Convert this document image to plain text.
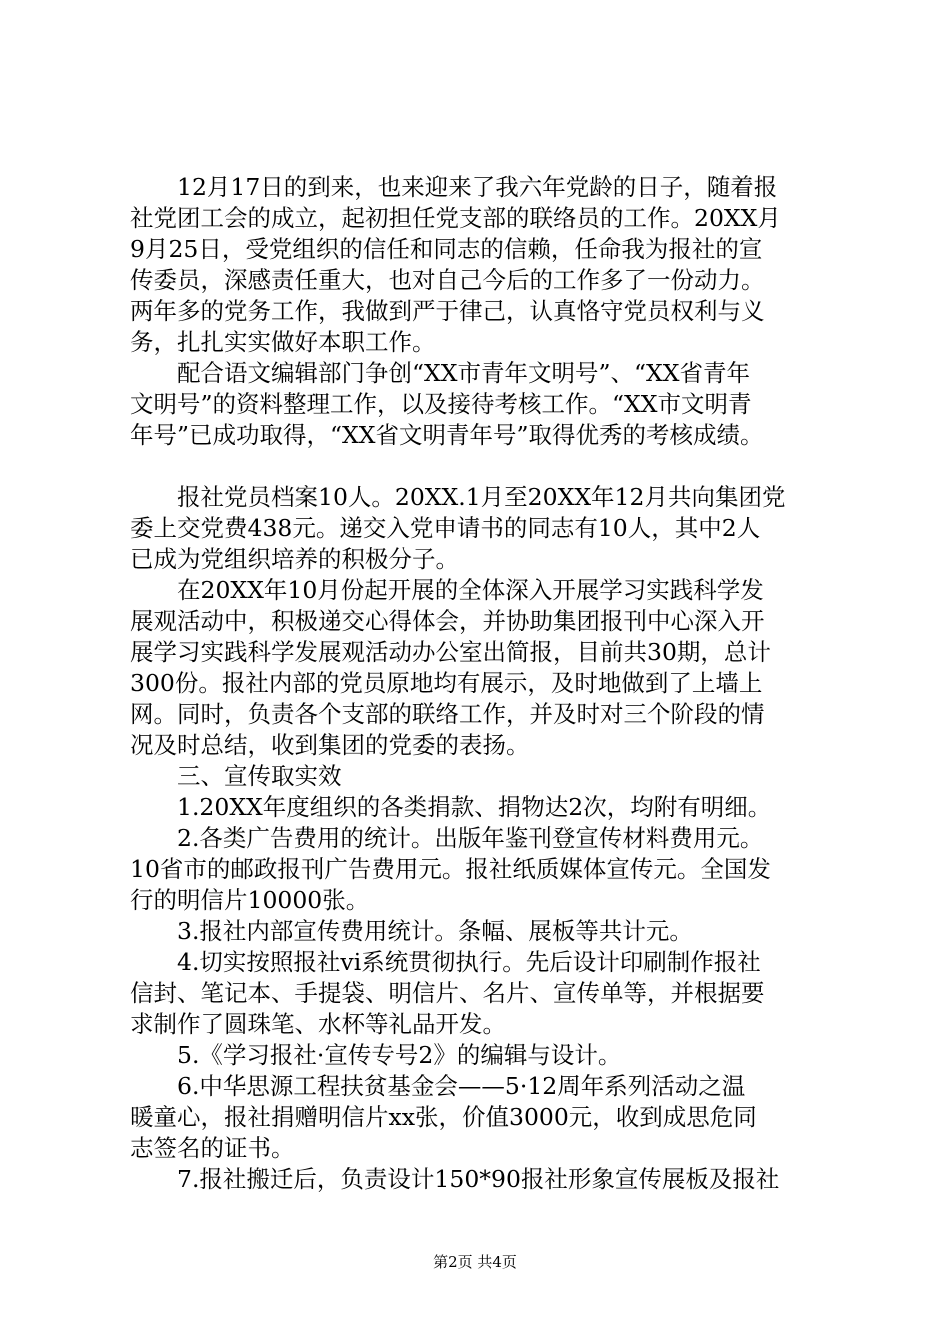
12月17日的到来，也来迎来了我六年党龄的日子，随着报
社党团工会的成立，起初担任党支部的联络员的工作。20XX月
9月25日，受党组织的信任和同志的信赖，任命我为报社的宣
传委员，深感责任重大，也对自己今后的工作多了一份动力。
两年多的党务工作，我做到严于律己，认真恪守党员权利与义
务，扎扎实实做好本职工作。
配合语文编辑部门争创“XX市青年文明号”、“XX省青年
文明号”的资料整理工作，以及接待考核工作。“XX市文明青
年号”已成功取得，“XX省文明青年号”取得优秀的考核成绩。
报社党员档案10人。20XX.1月至20XX年12月共向集团党
委上交党费438元。递交入党申请书的同志有10人，其中2人
已成为党组织培养的积极分子。
在20XX年10月份起开展的全体深入开展学习实践科学发
展观活动中，积极递交心得体会，并协助集团报刊中心深入开
展学习实践科学发展观活动办公室出简报，目前共30期，总计
300份。报社内部的党员原地均有展示，及时地做到了上墙上
网。同时，负责各个支部的联络工作，并及时对三个阶段的情
况及时总结，收到集团的党委的表扬。
三、宣传取实效
1.20XX年度组织的各类捐款、捐物达2次，均附有明细。
2.各类广告费用的统计。出版年鉴刊登宣传材料费用元。
10省市的邮政报刊广告费用元。报社纸质媒体宣传元。全国发
行的明信片10000张。
3.报社内部宣传费用统计。条幅、展板等共计元。
4.切实按照报社vi系统贯彻执行。先后设计印刷制作报社
信封、笔记本、手提袋、明信片、名片、宣传单等，并根据要
求制作了圆珠笔、水杯等礼品开发。
5.《学习报社·宣传专号2》的编辑与设计。
6.中华思源工程扶贫基金会——5·12周年系列活动之温
暖童心，报社捐赠明信片xx张，价值3000元，收到成思危同
志签名的证书。
7.报社搬迁后，负责设计150*90报社形象宣传展板及报社
第2页 共4页
